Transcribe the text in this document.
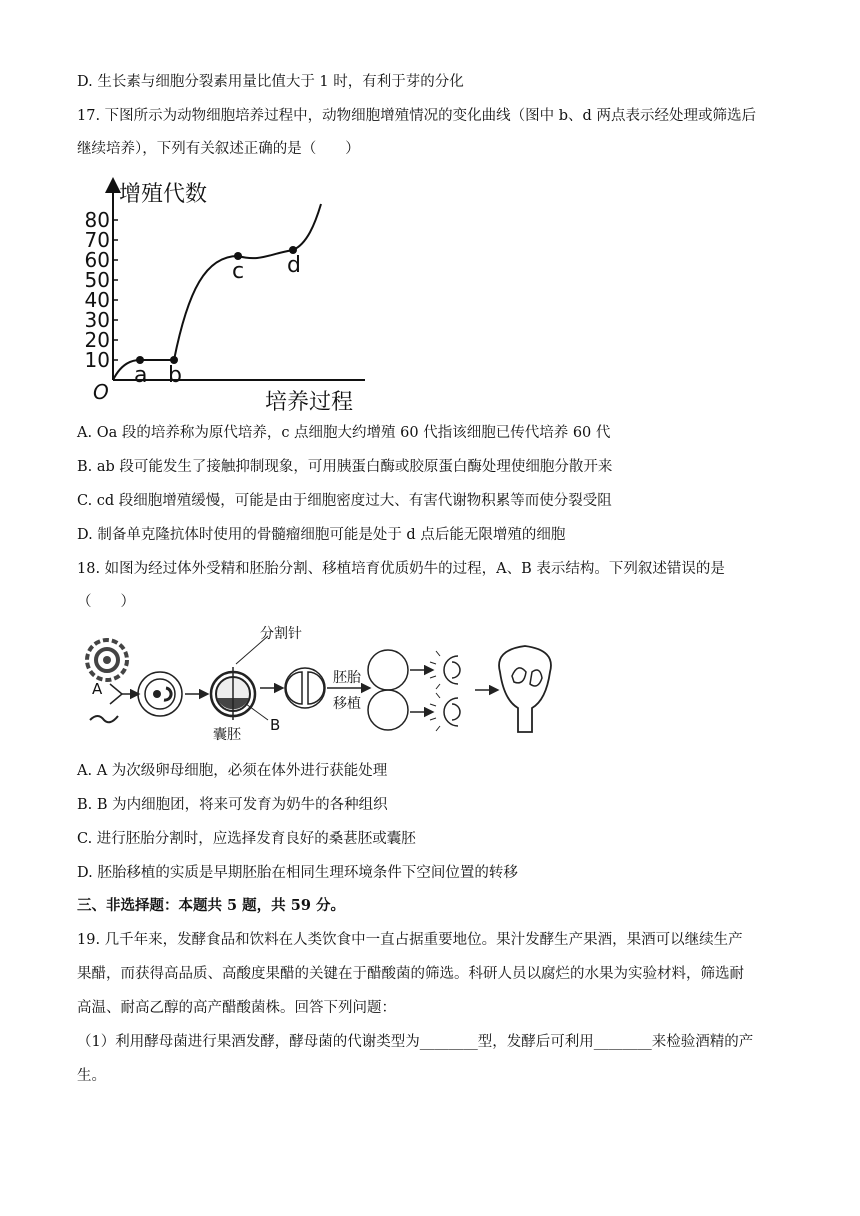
D. 生长素与细胞分裂素用量比值大于 1 时，有利于芽的分化
17. 下图所示为动物细胞培养过程中，动物细胞增殖情况的变化曲线（图中 b、d 两点表示经处理或筛选后
继续培养），下列有关叙述正确的是（　　）
增殖代数
培养过程
O
10
20
30
40
50
60
70
80
a b
c d
A. Oa 段的培养称为原代培养，c 点细胞大约增殖 60 代指该细胞已传代培养 60 代
B. ab 段可能发生了接触抑制现象，可用胰蛋白酶或胶原蛋白酶处理使细胞分散开来
C. cd 段细胞增殖缓慢，可能是由于细胞密度过大、有害代谢物积累等而使分裂受阻
D. 制备单克隆抗体时使用的骨髓瘤细胞可能是处于 d 点后能无限增殖的细胞
18. 如图为经过体外受精和胚胎分割、移植培育优质奶牛的过程，A、B 表示结构。下列叙述错误的是
（　　）
A
分割针
B
囊胚
胚胎
移植
A. A 为次级卵母细胞，必须在体外进行获能处理
B. B 为内细胞团，将来可发育为奶牛的各种组织
C. 进行胚胎分割时，应选择发育良好的桑葚胚或囊胚
D. 胚胎移植的实质是早期胚胎在相同生理环境条件下空间位置的转移
三、非选择题：本题共 5 题，共 59 分。
19. 几千年来，发酵食品和饮料在人类饮食中一直占据重要地位。果汁发酵生产果酒，果酒可以继续生产
果醋，而获得高品质、高酸度果醋的关键在于醋酸菌的筛选。科研人员以腐烂的水果为实验材料，筛选耐
高温、耐高乙醇的高产醋酸菌株。回答下列问题：
（1）利用酵母菌进行果酒发酵，酵母菌的代谢类型为________型，发酵后可利用________来检验酒精的产
生。
